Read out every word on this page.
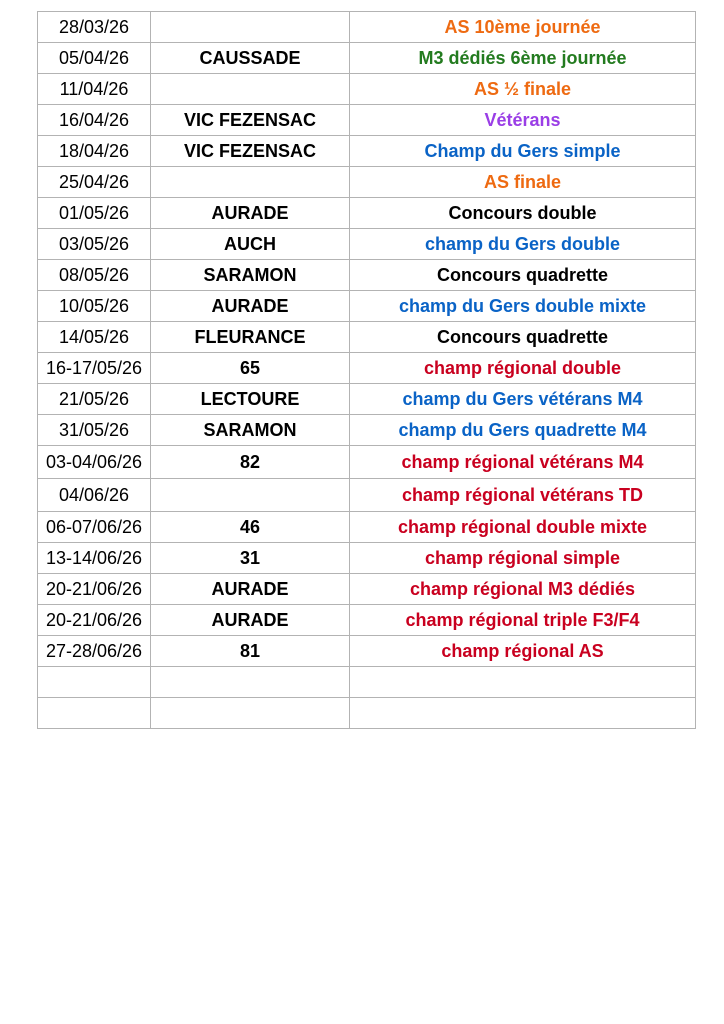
28/03/26		AS 10ème journée
05/04/26	CAUSSADE	M3 dédiés 6ème journée
11/04/26		AS ½ finale
16/04/26	VIC FEZENSAC	Vétérans
18/04/26	VIC FEZENSAC	Champ du Gers simple
25/04/26		AS finale
01/05/26	AURADE	Concours double
03/05/26	AUCH	champ du Gers double
08/05/26	SARAMON	Concours quadrette
10/05/26	AURADE	champ du Gers double mixte
14/05/26	FLEURANCE	Concours quadrette
16-17/05/26	65	champ régional double
21/05/26	LECTOURE	champ du Gers vétérans M4
31/05/26	SARAMON	champ du Gers quadrette M4
03-04/06/26	82	champ régional vétérans M4
04/06/26		champ régional vétérans TD
06-07/06/26	46	champ régional double mixte
13-14/06/26	31	champ régional simple
20-21/06/26	AURADE	champ régional M3 dédiés
20-21/06/26	AURADE	champ régional triple F3/F4
27-28/06/26	81	champ régional AS
